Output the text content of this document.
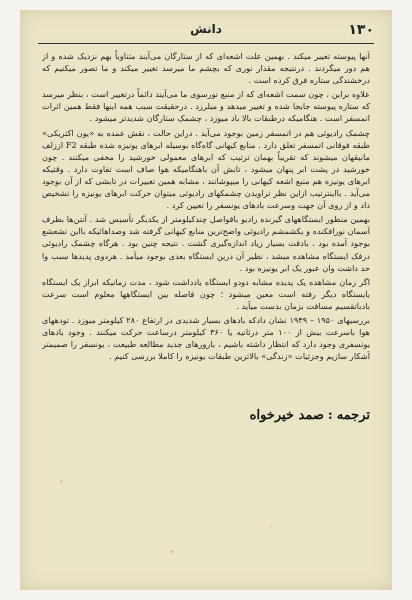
۱۳۰
دانش

آنها پیوسته تغییر میکند . بهمین علت اشعه‌ای که از ستارگان می‌آیند متناوباً بهم نزدیک شده و از هم دور میگردند . درنتیجه مقدار نوری که بچشم ما میرسد تغییر میکند و ما تصور میکنیم که درخشندگی ستاره فرق کرده است .

علاوه براین ، چون سمت اشعه‌ای که از منبع نورسوی ما می‌آیند دائماً درتغییر است ، بنظر میرسد که ستاره پیوسته جابجا شده و تغییر میدهد و میلرزد . درحقیقت سبب همه اینها فقط همین اثرات اتمسفر است . هنگامیکه درطبقات بالا باد میوزد ، چشمک ستارگان شدیدتر میشود .

چشمک رادیوئی هم در اتمسفر زمین بوجود می‌آید . دراین حالت ، نقش عمده به «یون اکتریکی» طبقه فوقانی اتمسفر تعلق دارد . منابع کیهانی گاه‌گاه بوسیله ابرهای یونیزه شده طبقه F2 اززلف مانیقهان میشوند که تقریباً بهمان ترتیب که ابرهای معمولی خورشید را مخفی میکنند . چون خورشید در پشت ابر پنهان میشود ، تابش آن باهنگامیکه هوا صاف است تفاوت دارد . وقتیکه ابرهای یونیزه هم منبع اشعه کیهانی را میپوشانند ، مشابه همین تغییرات در تابشی که از آن بوجود می‌آید . بااینترتیب ازاین نظر تراویدن چشمکهای رادیوئی میتوان حرکت ابرهای یونیزه را تشخیص داد و از روی آن جهت وسرعت بادهای یونسفر را تعیین کرد .

بهمین منظور ایستگاههای گیرنده رادیو باقواصل چندکیلومتر از یکدیگر تأسیس شد . آنتن‌ها بطرف آسمان نورافکنده و یکشمشم رادیوئی واضح‌ترین منابع کیهانی گرفته شد وصدا‌هائیکه بااین تشعشع بوجود آمده بود ، بادقت بسیار زیاد اندازه‌گیری گشت . نتیجه چنین بود . هرگاه چشمک رادیوئی درفک ایستگاه مشاهده میشد ، نظیر آن درین ایستگاه بعدی بوجود میآمد . هردوی پدیدها سبب وا حد داشت وان عبور یک ابر یونیزه بود .

اگر زمان مشاهده یک پدیده مشابه دودو ایستگاه یادداشت شود ، مدت زمانیکه ابراز یک ایستگاه بایستگاه دیگر رفته است معین میشود ؛ چون فاصله بین ایستگاهها معلوم است سرعت بادباتقسیم مسافت بزمان بدست میآید .

بررسیهای ۱۹۵۰ – ۱۹۴۹ نشان دادکه بادهای بسیار شدیدی در ارتفاع ۲۸۰ کیلومتر میوزد . تودههای هوا باسرعت بیش از ۱۰۰ متر درثانیه یا ۳۶۰ کیلومتر درساعت حرکت میکنند . وجود بادهای یونسفری وجود دارد که انتظار داشته باشیم ، بارورهای جدید مطالعه طبیعت ، یونسفر را صمیمتر آشکار سازیم وجزئیات «زندگی» بالاترین طبقات یونیزه را کاملا بررسی کنیم .

ترجمه:صمد خیرخواه
